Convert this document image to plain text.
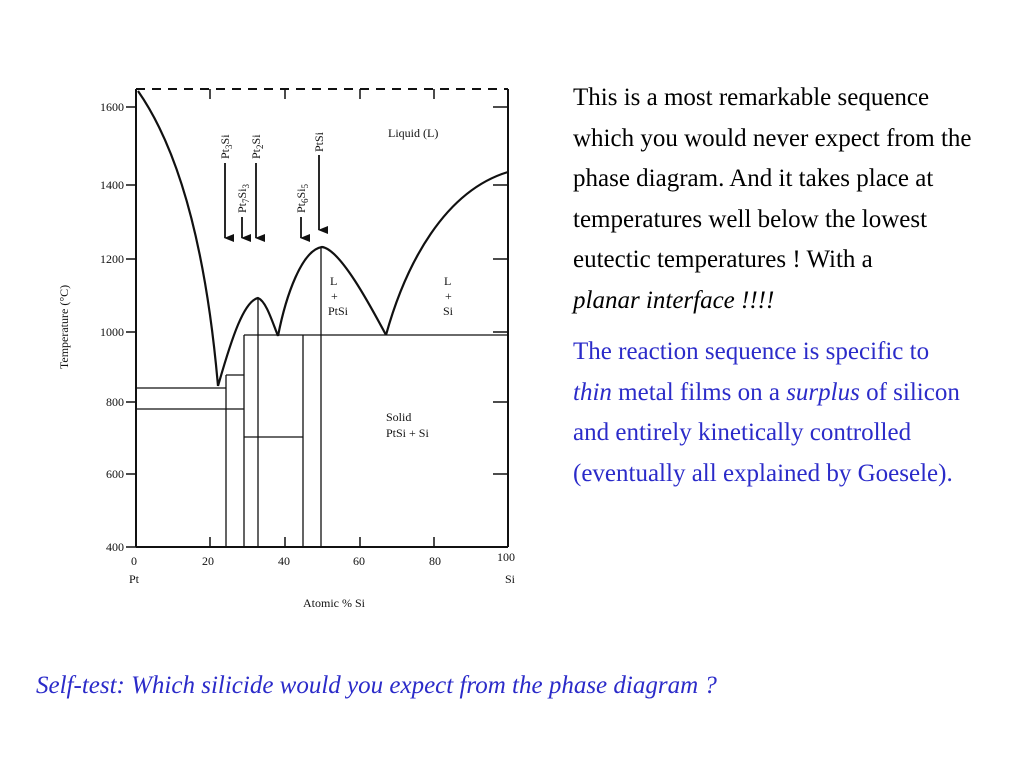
1600
1400
1200
1000
800
600
400
0	20	40	60	80	100
Pt	Si
Atomic % Si
Temperature (°C)
$Pt_3Si$
$Pt_2Si$
$Pt_7Si_3$
$Pt_6Si_5$
PtSi	Liquid (L)
L
+
PtSi
L
+
Si
Solid
PtSi + Si

This is a most remarkable sequence which you would never expect from the phase diagram. And it takes place at temperatures well below the lowest eutectic temperatures ! With a
planar interface !!!!

The reaction sequence is specific to thin metal films on a surplus of silicon and entirely kinetically controlled (eventually all explained by Goesele).

Self-test: Which silicide would you expect from the phase diagram ?
